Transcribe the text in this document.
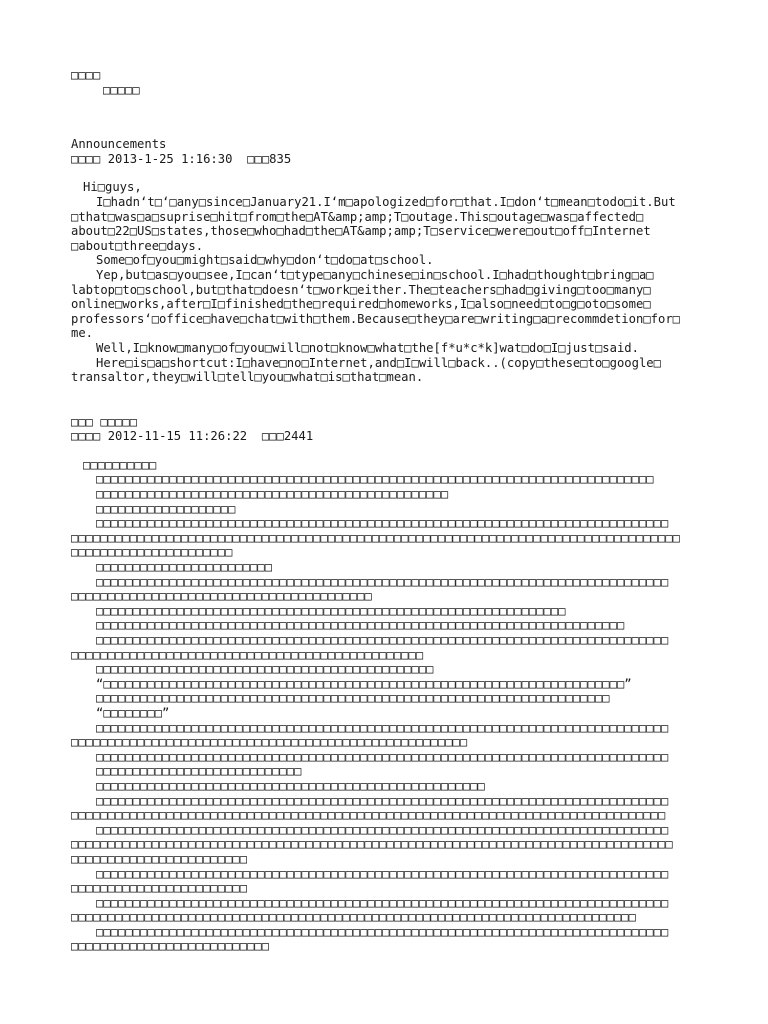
□□□□
□□□□□
Announcements
□□□□ 2013-1-25 1:16:30 □□□835
Hi□guys,
I□hadn‘t□‘□any□since□January21.I‘m□apologized□for□that.I□don‘t□mean□todo□it.But
□that□was□a□suprise□hit□from□the□AT&amp;amp;T□outage.This□outage□was□affected□
about□22□US□states,those□who□had□the□AT&amp;amp;T□service□were□out□off□Internet
□about□three□days.
Some□of□you□might□said□why□don‘t□do□at□school.
Yep,but□as□you□see,I□can‘t□type□any□chinese□in□school.I□had□thought□bring□a□
labtop□to□school,but□that□doesn‘t□work□either.The□teachers□had□giving□too□many□
online□works,after□I□finished□the□required□homeworks,I□also□need□to□g□oto□some□
professors‘□office□have□chat□with□them.Because□they□are□writing□a□recommdetion□for□
me.
Well,I□know□many□of□you□will□not□know□what□the[f*u*c*k]wat□do□I□just□said.
Here□is□a□shortcut:I□have□no□Internet,and□I□will□back..(copy□these□to□google□
transaltor,they□will□tell□you□what□is□that□mean.
□□□ □□□□□
□□□□ 2012-11-15 11:26:22 □□□2441
□□□□□□□□□□
□□□□□□□□□□□□□□□□□□□□□□□□□□□□□□□□□□□□□□□□□□□□□□□□□□□□□□□□□□□□□□□□□□□□□□□□□□□□
□□□□□□□□□□□□□□□□□□□□□□□□□□□□□□□□□□□□□□□□□□□□□□□□
□□□□□□□□□□□□□□□□□□□
□□□□□□□□□□□□□□□□□□□□□□□□□□□□□□□□□□□□□□□□□□□□□□□□□□□□□□□□□□□□□□□□□□□□□□□□□□□□□□
□□□□□□□□□□□□□□□□□□□□□□□□□□□□□□□□□□□□□□□□□□□□□□□□□□□□□□□□□□□□□□□□□□□□□□□□□□□□□□□□□□□
□□□□□□□□□□□□□□□□□□□□□□
□□□□□□□□□□□□□□□□□□□□□□□□
□□□□□□□□□□□□□□□□□□□□□□□□□□□□□□□□□□□□□□□□□□□□□□□□□□□□□□□□□□□□□□□□□□□□□□□□□□□□□□
□□□□□□□□□□□□□□□□□□□□□□□□□□□□□□□□□□□□□□□□□
□□□□□□□□□□□□□□□□□□□□□□□□□□□□□□□□□□□□□□□□□□□□□□□□□□□□□□□□□□□□□□□□
□□□□□□□□□□□□□□□□□□□□□□□□□□□□□□□□□□□□□□□□□□□□□□□□□□□□□□□□□□□□□□□□□□□□□□□□
□□□□□□□□□□□□□□□□□□□□□□□□□□□□□□□□□□□□□□□□□□□□□□□□□□□□□□□□□□□□□□□□□□□□□□□□□□□□□□
□□□□□□□□□□□□□□□□□□□□□□□□□□□□□□□□□□□□□□□□□□□□□□□□
□□□□□□□□□□□□□□□□□□□□□□□□□□□□□□□□□□□□□□□□□□□□□□
“□□□□□□□□□□□□□□□□□□□□□□□□□□□□□□□□□□□□□□□□□□□□□□□□□□□□□□□□□□□□□□□□□□□□□□□”
□□□□□□□□□□□□□□□□□□□□□□□□□□□□□□□□□□□□□□□□□□□□□□□□□□□□□□□□□□□□□□□□□□□□□□
“□□□□□□□□”
□□□□□□□□□□□□□□□□□□□□□□□□□□□□□□□□□□□□□□□□□□□□□□□□□□□□□□□□□□□□□□□□□□□□□□□□□□□□□□
□□□□□□□□□□□□□□□□□□□□□□□□□□□□□□□□□□□□□□□□□□□□□□□□□□□□□□
□□□□□□□□□□□□□□□□□□□□□□□□□□□□□□□□□□□□□□□□□□□□□□□□□□□□□□□□□□□□□□□□□□□□□□□□□□□□□□
□□□□□□□□□□□□□□□□□□□□□□□□□□□□
□□□□□□□□□□□□□□□□□□□□□□□□□□□□□□□□□□□□□□□□□□□□□□□□□□□□□
□□□□□□□□□□□□□□□□□□□□□□□□□□□□□□□□□□□□□□□□□□□□□□□□□□□□□□□□□□□□□□□□□□□□□□□□□□□□□□
□□□□□□□□□□□□□□□□□□□□□□□□□□□□□□□□□□□□□□□□□□□□□□□□□□□□□□□□□□□□□□□□□□□□□□□□□□□□□□□□□
□□□□□□□□□□□□□□□□□□□□□□□□□□□□□□□□□□□□□□□□□□□□□□□□□□□□□□□□□□□□□□□□□□□□□□□□□□□□□□
□□□□□□□□□□□□□□□□□□□□□□□□□□□□□□□□□□□□□□□□□□□□□□□□□□□□□□□□□□□□□□□□□□□□□□□□□□□□□□□□□□
□□□□□□□□□□□□□□□□□□□□□□□□
□□□□□□□□□□□□□□□□□□□□□□□□□□□□□□□□□□□□□□□□□□□□□□□□□□□□□□□□□□□□□□□□□□□□□□□□□□□□□□
□□□□□□□□□□□□□□□□□□□□□□□□
□□□□□□□□□□□□□□□□□□□□□□□□□□□□□□□□□□□□□□□□□□□□□□□□□□□□□□□□□□□□□□□□□□□□□□□□□□□□□□
□□□□□□□□□□□□□□□□□□□□□□□□□□□□□□□□□□□□□□□□□□□□□□□□□□□□□□□□□□□□□□□□□□□□□□□□□□□□□
□□□□□□□□□□□□□□□□□□□□□□□□□□□□□□□□□□□□□□□□□□□□□□□□□□□□□□□□□□□□□□□□□□□□□□□□□□□□□□
□□□□□□□□□□□□□□□□□□□□□□□□□□□
